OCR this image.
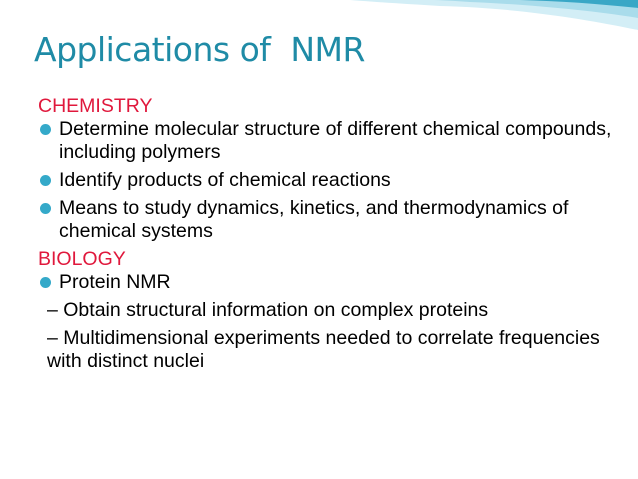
Applications of  NMR
CHEMISTRY
Determine molecular structure of different chemical compounds, including polymers
Identify products of chemical reactions
Means to study dynamics, kinetics, and thermodynamics of chemical systems
BIOLOGY
Protein NMR
– Obtain structural information on complex proteins
– Multidimensional experiments needed to correlate frequencies with distinct nuclei
